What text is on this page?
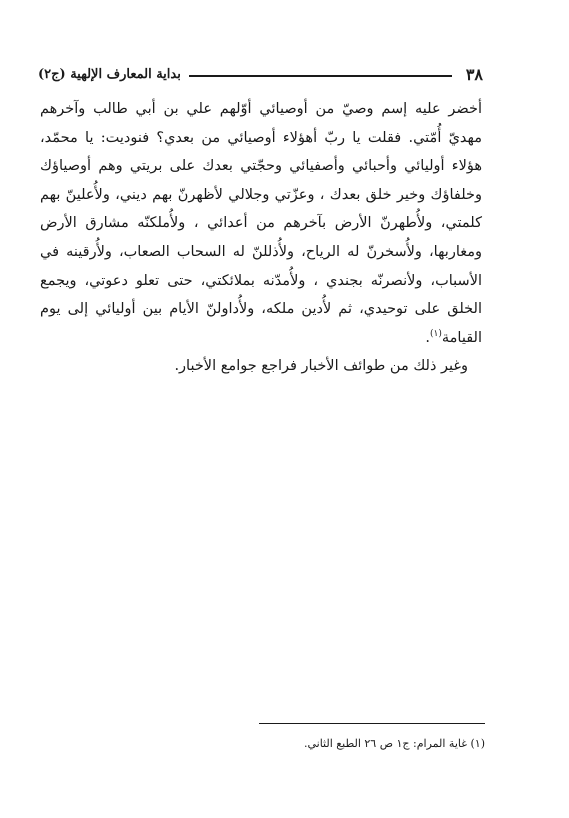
٣٨
بداية المعارف الإلهية (ج٢)

أخضر عليه إسم وصيّ من أوصيائي أوّلهم علي بن أبي طالب وآخرهم مهديّ أُمّتي. فقلت يا ربّ أهؤلاء أوصيائي من بعدي؟ فنوديت: يا محمّد، هؤلاء أوليائي وأحبائي وأصفيائي وحجّتي بعدك على بريتي وهم أوصياؤك وخلفاؤك وخير خلق بعدك ، وعزّتي وجلالي لأظهرنّ بهم ديني، ولأُعلينّ بهم كلمتي، ولأُطهرنّ الأرض بآخرهم من أعدائي ، ولأُملكنّه مشارق الأرض ومغاربها، ولأُسخرنّ له الرياح، ولأُذللنّ له السحاب الصعاب، ولأُرقينه في الأسباب، ولأنصرنّه بجندي ، ولأُمدّنه بملائكتي، حتى تعلو دعوتي، ويجمع الخلق على توحيدي، ثم لأُدين ملكه، ولأُداولنّ الأيام بين أوليائي إلى يوم القيامة$^{(١)}$.

وغير ذلك من طوائف الأخبار فراجع جوامع الأخبار.

(١) غاية المرام: ج١ ص ٢٦ الطبع الثاني.
